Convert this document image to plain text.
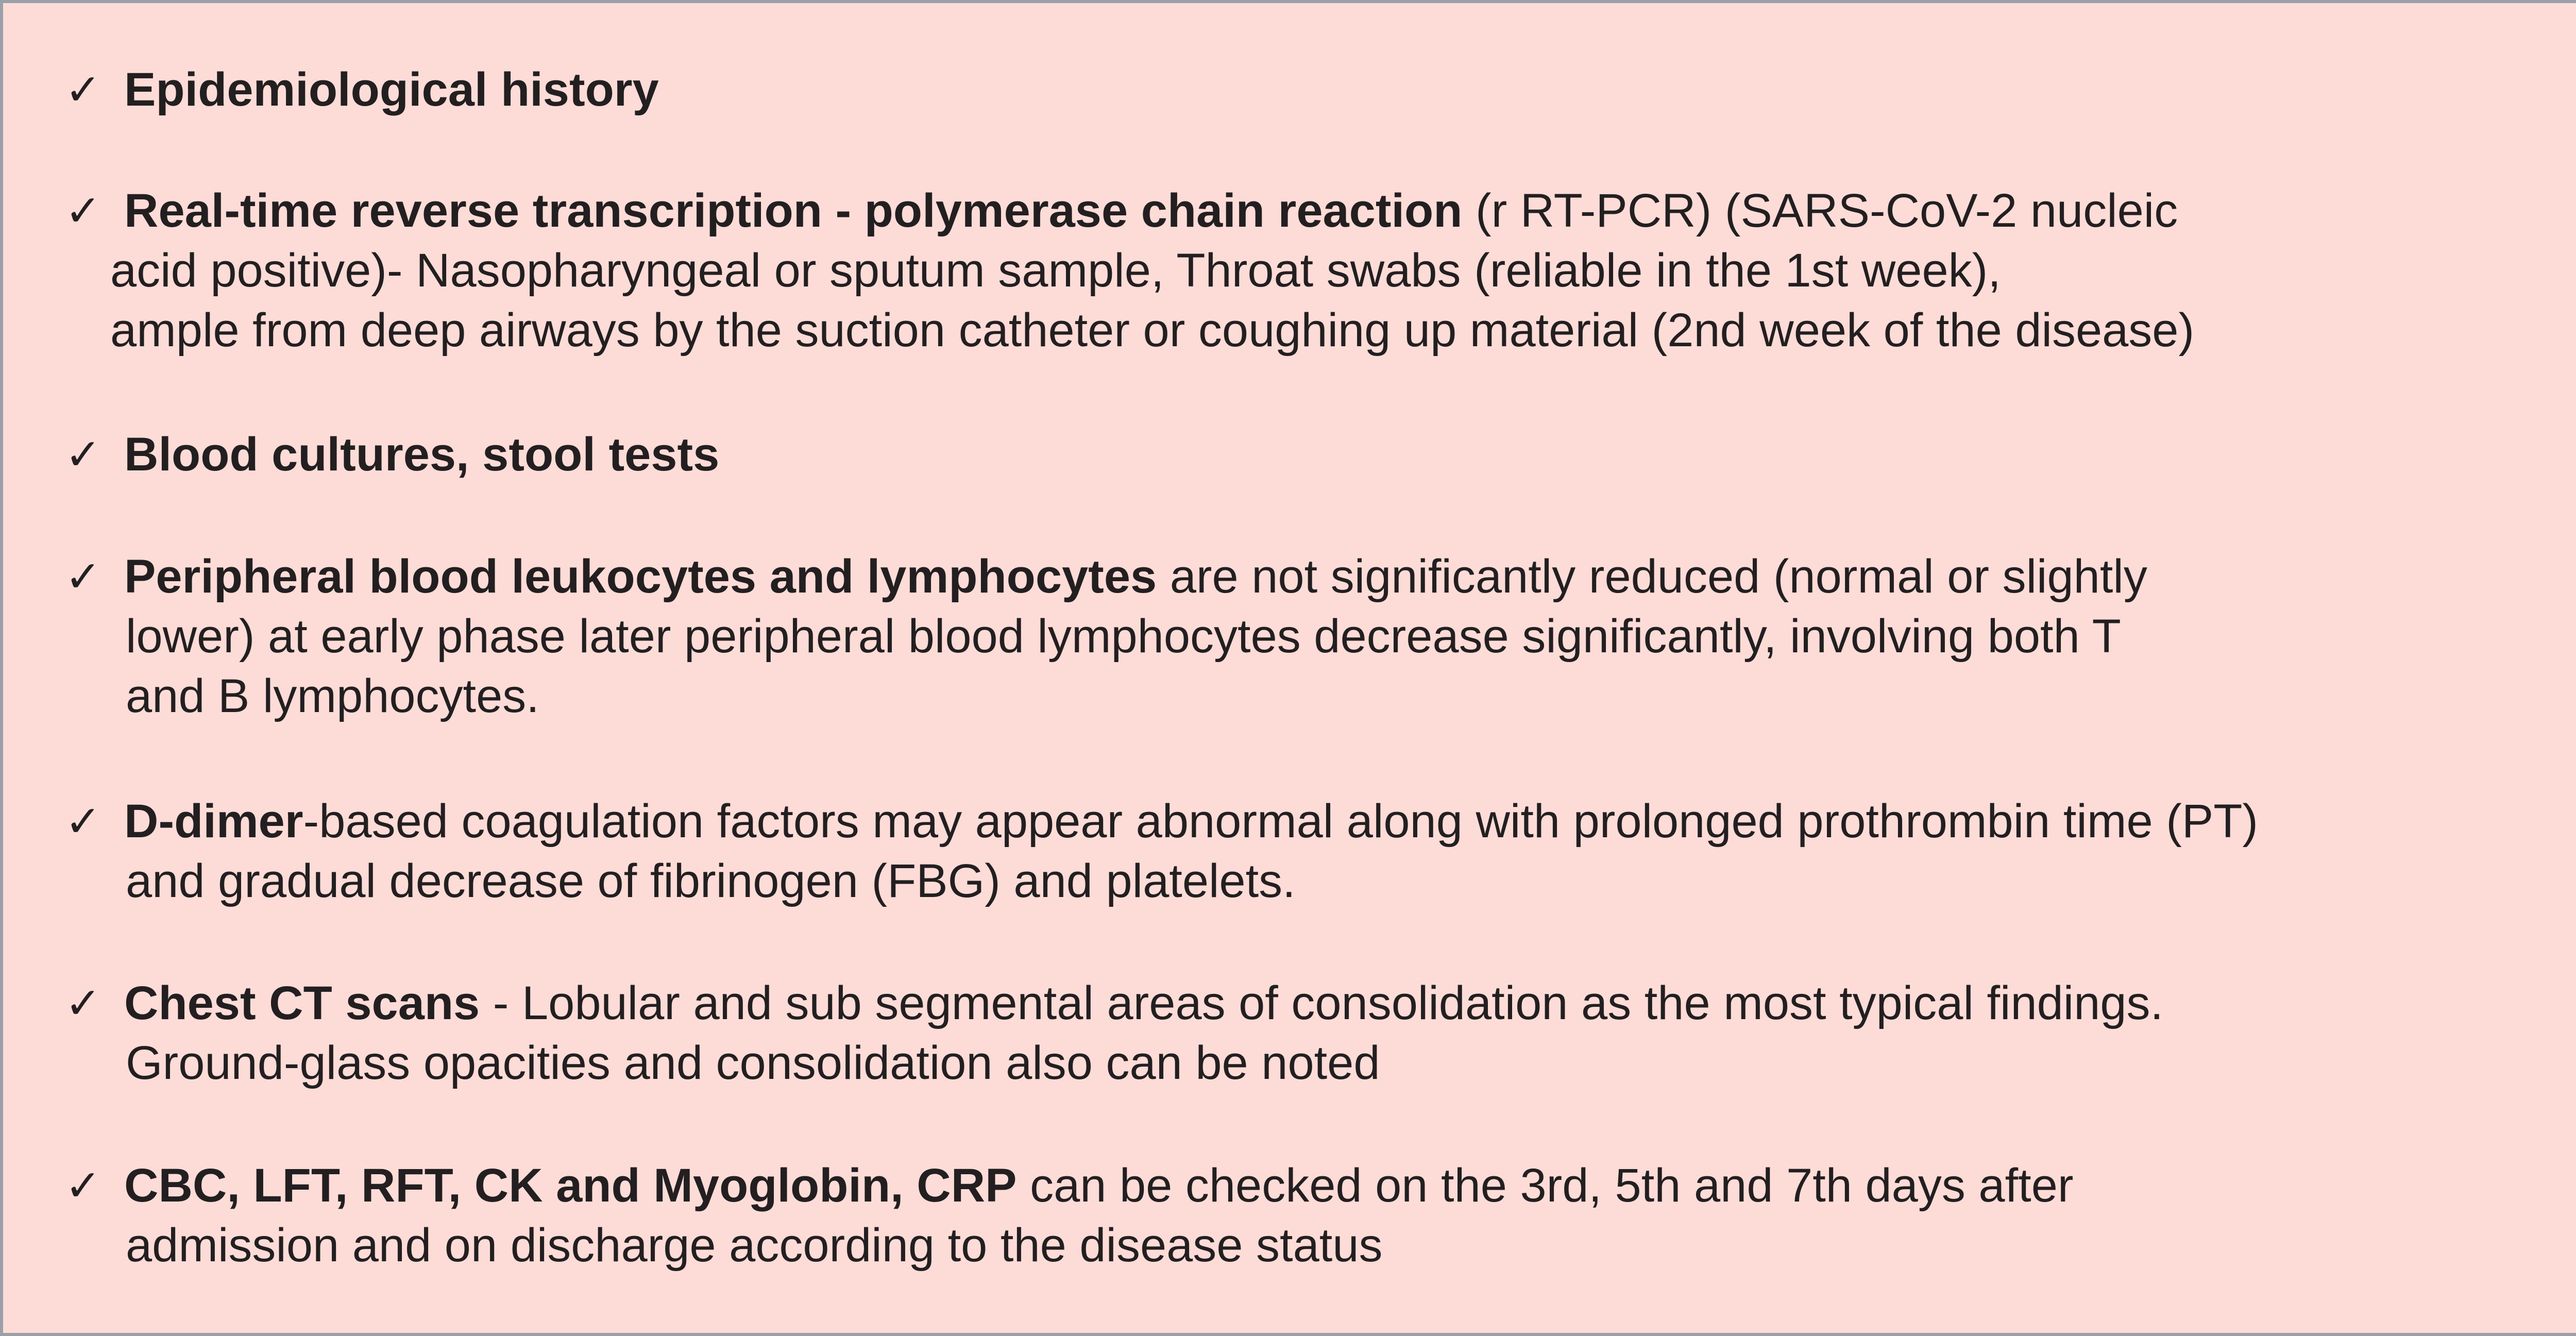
✓ Epidemiological history
✓ Real-time reverse transcription - polymerase chain reaction (r RT-PCR) (SARS-CoV-2 nucleic
acid positive)- Nasopharyngeal or sputum sample, Throat swabs (reliable in the 1st week),
ample from deep airways by the suction catheter or coughing up material (2nd week of the disease)
✓ Blood cultures, stool tests
✓ Peripheral blood leukocytes and lymphocytes are not significantly reduced (normal or slightly
lower) at early phase later peripheral blood lymphocytes decrease significantly, involving both T
and B lymphocytes.
✓ D-dimer-based coagulation factors may appear abnormal along with prolonged prothrombin time (PT)
and gradual decrease of fibrinogen (FBG) and platelets.
✓ Chest CT scans - Lobular and sub segmental areas of consolidation as the most typical findings.
Ground-glass opacities and consolidation also can be noted
✓ CBC, LFT, RFT, CK and Myoglobin, CRP can be checked on the 3rd, 5th and 7th days after
admission and on discharge according to the disease status
